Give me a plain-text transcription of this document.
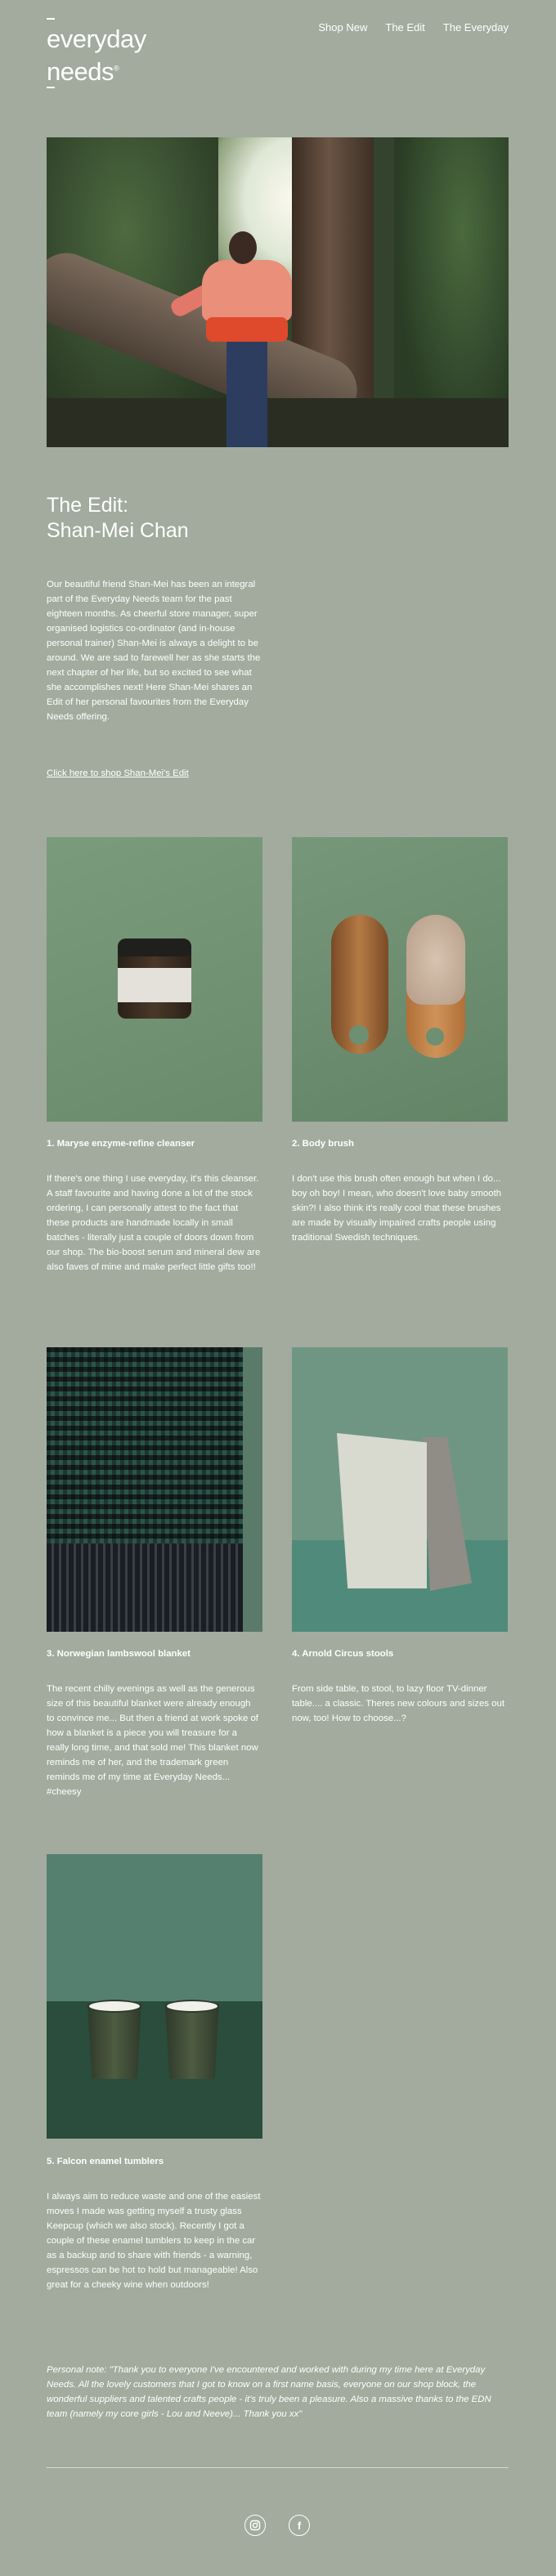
everyday
needs®
Shop New The Edit The Everyday
The Edit:
Shan-Mei Chan

Our beautiful friend Shan-Mei has been an integral part of the Everyday Needs team for the past eighteen months. As cheerful store manager, super organised logistics co-ordinator (and in-house personal trainer) Shan-Mei is always a delight to be around. We are sad to farewell her as she starts the next chapter of her life, but so excited to see what she accomplishes next! Here Shan-Mei shares an Edit of her personal favourites from the Everyday Needs offering.

Click here to shop Shan-Mei's Edit
1. Maryse enzyme-refine cleanser

If there's one thing I use everyday, it's this cleanser. A staff favourite and having done a lot of the stock ordering, I can personally attest to the fact that these products are handmade locally in small batches - literally just a couple of doors down from our shop. The bio-boost serum and mineral dew are also faves of mine and make perfect little gifts too!!

2. Body brush

I don't use this brush often enough but when I do... boy oh boy! I mean, who doesn't love baby smooth skin?! I also think it's really cool that these brushes are made by visually impaired crafts people using traditional Swedish techniques.

3. Norwegian lambswool blanket

The recent chilly evenings as well as the generous size of this beautiful blanket were already enough to convince me... But then a friend at work spoke of how a blanket is a piece you will treasure for a really long time, and that sold me! This blanket now reminds me of her, and the trademark green reminds me of my time at Everyday Needs... #cheesy

4. Arnold Circus stools

From side table, to stool, to lazy floor TV-dinner table.... a classic. Theres new colours and sizes out now, too! How to choose...?

5. Falcon enamel tumblers

I always aim to reduce waste and one of the easiest moves I made was getting myself a trusty glass Keepcup (which we also stock). Recently I got a couple of these enamel tumblers to keep in the car as a backup and to share with friends - a warning, espressos can be hot to hold but manageable! Also great for a cheeky wine when outdoors!

Personal note: "Thank you to everyone I've encountered and worked with during my time here at Everyday Needs. All the lovely customers that I got to know on a first name basis, everyone on our shop block, the wonderful suppliers and talented crafts people - it's truly been a pleasure. Also a massive thanks to the EDN team (namely my core girls - Lou and Neeve)... Thank you xx"

f
